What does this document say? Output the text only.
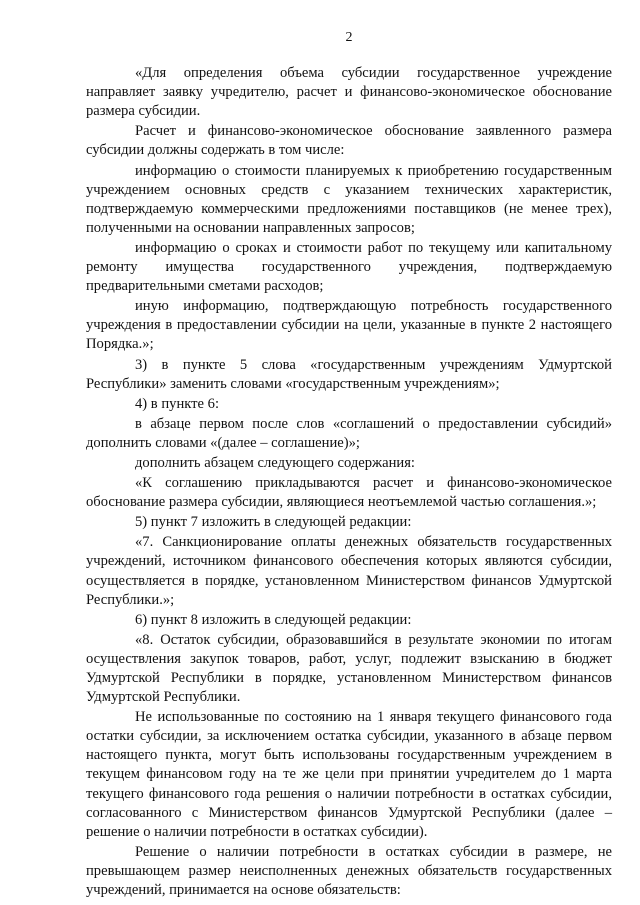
2

«Для определения объема субсидии государственное учреждение направляет заявку учредителю, расчет и финансово-экономическое обоснование размера субсидии.

Расчет и финансово-экономическое обоснование заявленного размера субсидии должны содержать в том числе:

информацию о стоимости планируемых к приобретению государственным учреждением основных средств с указанием технических характеристик, подтверждаемую коммерческими предложениями поставщиков (не менее трех), полученными на основании направленных запросов;

информацию о сроках и стоимости работ по текущему или капитальному ремонту имущества государственного учреждения, подтверждаемую предварительными сметами расходов;

иную информацию, подтверждающую потребность государственного учреждения в предоставлении субсидии на цели, указанные в пункте 2 настоящего Порядка.»;

3) в пункте 5 слова «государственным учреждениям Удмуртской Республики» заменить словами «государственным учреждениям»;

4) в пункте 6:

в абзаце первом после слов «соглашений о предоставлении субсидий» дополнить словами «(далее – соглашение)»;

дополнить абзацем следующего содержания:

«К соглашению прикладываются расчет и финансово-экономическое обоснование размера субсидии, являющиеся неотъемлемой частью соглашения.»;

5) пункт 7 изложить в следующей редакции:

«7. Санкционирование оплаты денежных обязательств государственных учреждений, источником финансового обеспечения которых являются субсидии, осуществляется в порядке, установленном Министерством финансов Удмуртской Республики.»;

6) пункт 8 изложить в следующей редакции:

«8. Остаток субсидии, образовавшийся в результате экономии по итогам осуществления закупок товаров, работ, услуг, подлежит взысканию в бюджет Удмуртской Республики в порядке, установленном Министерством финансов Удмуртской Республики.

Не использованные по состоянию на 1 января текущего финансового года остатки субсидии, за исключением остатка субсидии, указанного в абзаце первом настоящего пункта, могут быть использованы государственным учреждением в текущем финансовом году на те же цели при принятии учредителем до 1 марта текущего финансового года решения о наличии потребности в остатках субсидии, согласованного с Министерством финансов Удмуртской Республики (далее – решение о наличии потребности в остатках субсидии).

Решение о наличии потребности в остатках субсидии в размере, не превышающем размер неисполненных денежных обязательств государственных учреждений, принимается на основе обязательств:
